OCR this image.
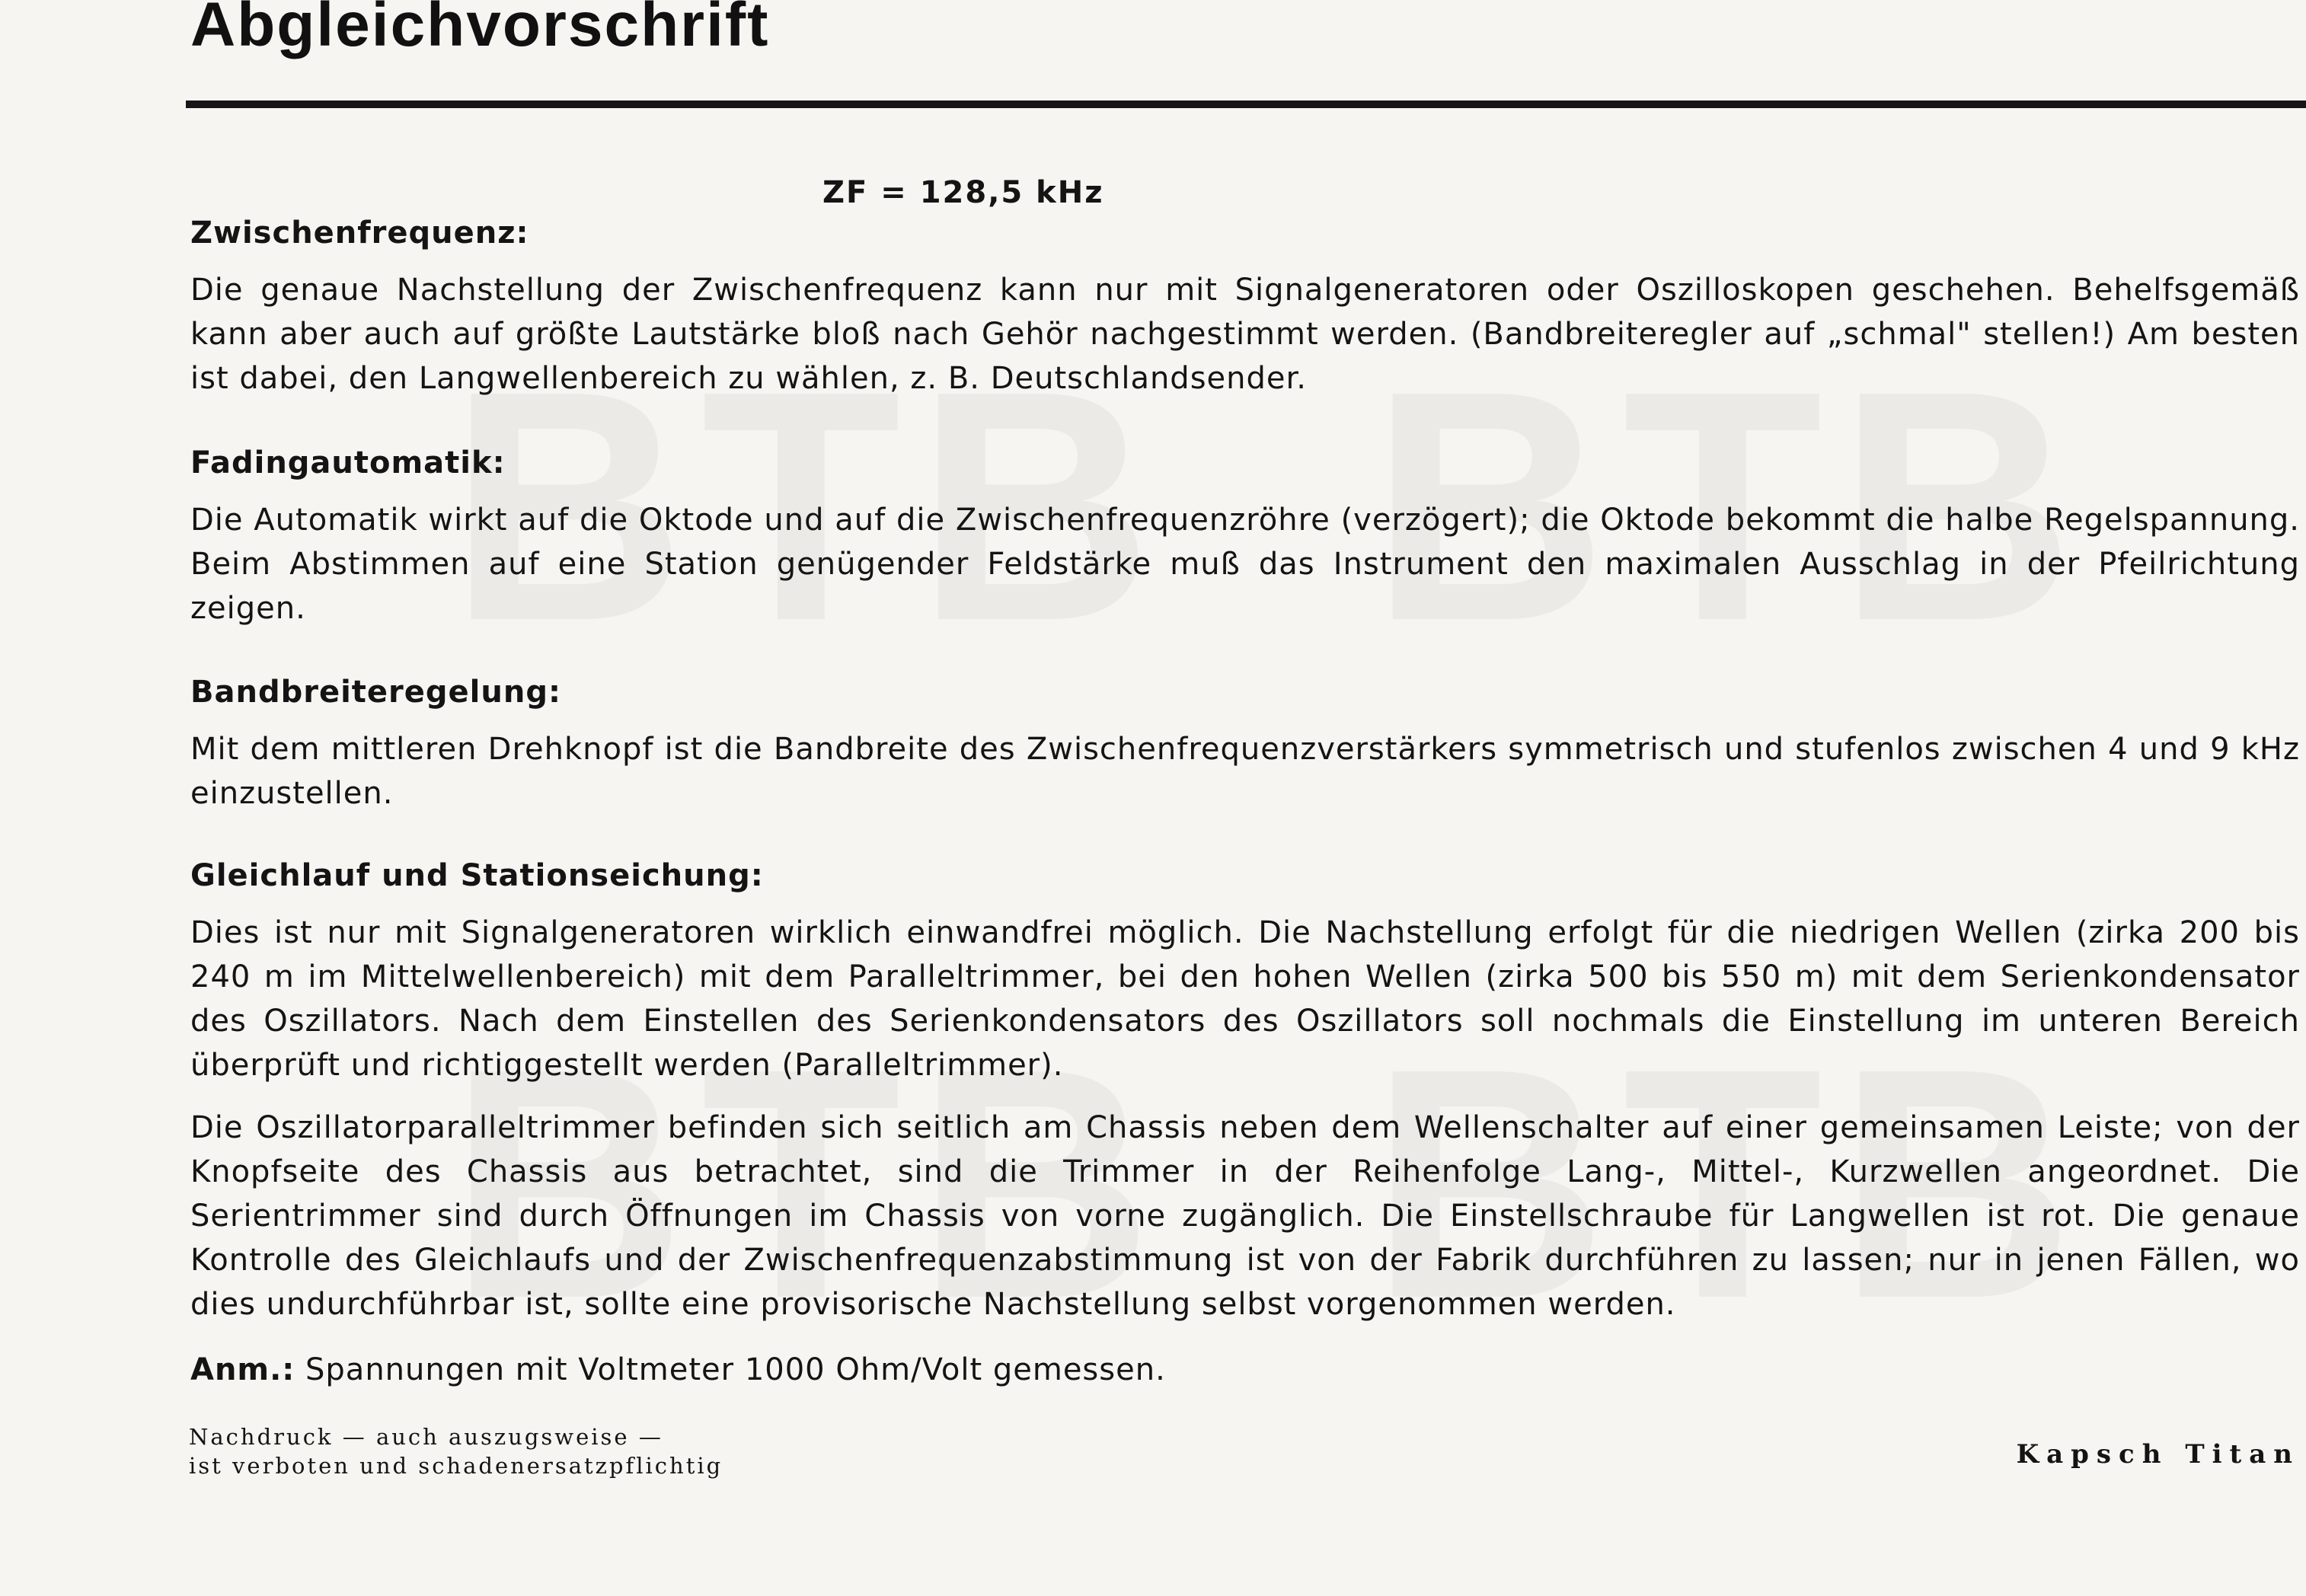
Abgleichvorschrift
ZF = 128,5 kHz
Zwischenfrequenz:
Die genaue Nachstellung der Zwischenfrequenz kann nur mit Signalgeneratoren oder Oszilloskopen geschehen. Behelfsgemäß kann aber auch auf größte Lautstärke bloß nach Gehör nachgestimmt werden. (Bandbreiteregler auf „schmal" stellen!) Am besten ist dabei, den Langwellenbereich zu wählen, z. B. Deutschlandsender.
Fadingautomatik:
Die Automatik wirkt auf die Oktode und auf die Zwischenfrequenzröhre (verzögert); die Oktode bekommt die halbe Regelspannung. Beim Abstimmen auf eine Station genügender Feldstärke muß das Instrument den maximalen Ausschlag in der Pfeilrichtung zeigen.
Bandbreiteregelung:
Mit dem mittleren Drehknopf ist die Bandbreite des Zwischenfrequenzverstärkers symmetrisch und stufenlos zwischen 4 und 9 kHz einzustellen.
Gleichlauf und Stationseichung:
Dies ist nur mit Signalgeneratoren wirklich einwandfrei möglich. Die Nachstellung erfolgt für die niedrigen Wellen (zirka 200 bis 240 m im Mittelwellenbereich) mit dem Paralleltrimmer, bei den hohen Wellen (zirka 500 bis 550 m) mit dem Serienkondensator des Oszillators. Nach dem Einstellen des Serienkondensators des Oszillators soll nochmals die Einstellung im unteren Bereich überprüft und richtiggestellt werden (Paralleltrimmer).
Die Oszillatorparalleltrimmer befinden sich seitlich am Chassis neben dem Wellenschalter auf einer gemeinsamen Leiste; von der Knopfseite des Chassis aus betrachtet, sind die Trimmer in der Reihenfolge Lang-, Mittel-, Kurzwellen angeordnet. Die Serientrimmer sind durch Öffnungen im Chassis von vorne zugänglich. Die Einstellschraube für Langwellen ist rot. Die genaue Kontrolle des Gleichlaufs und der Zwischenfrequenzabstimmung ist von der Fabrik durchführen zu lassen; nur in jenen Fällen, wo dies undurchführbar ist, sollte eine provisorische Nachstellung selbst vorgenommen werden.
Anm.: Spannungen mit Voltmeter 1000 Ohm/Volt gemessen.
Nachdruck — auch auszugsweise —
ist verboten und schadenersatzpflichtig	Kapsch Titan
